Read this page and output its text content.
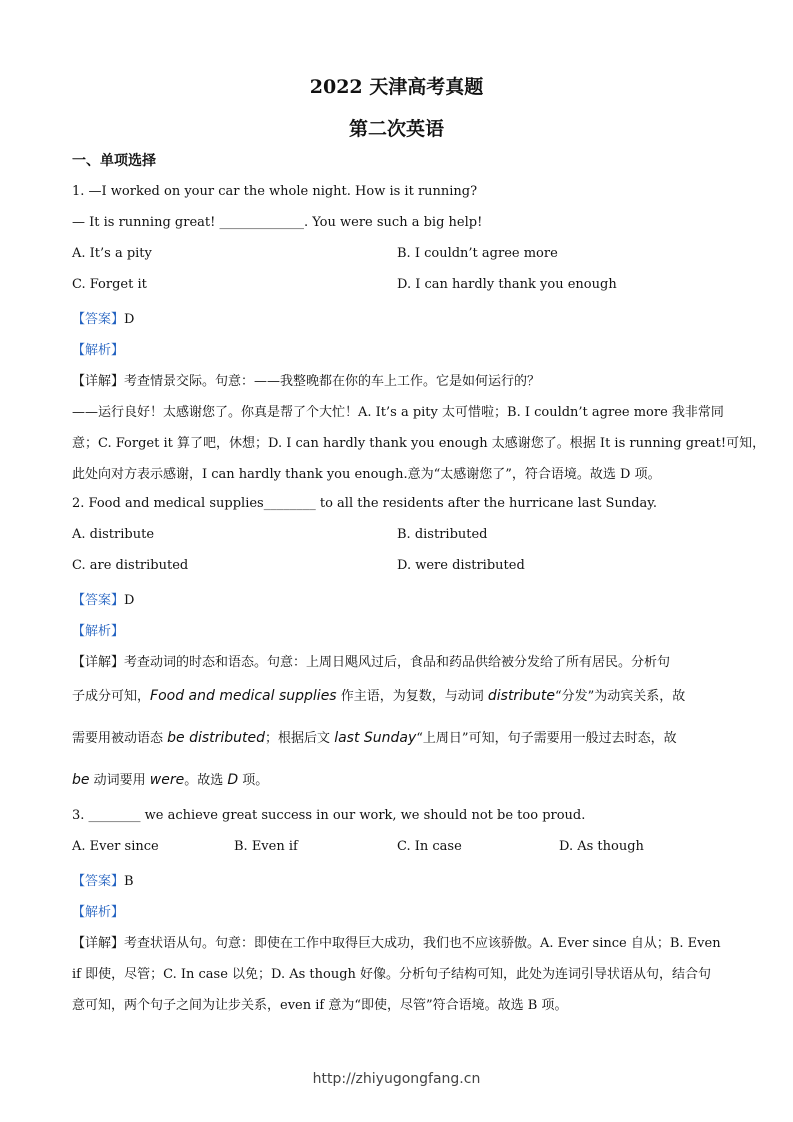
2022 天津高考真题
第二次英语
一、单项选择
1. —I worked on your car the whole night. How is it running?
— It is running great! _____________. You were such a big help!
A. It’s a pity	B. I couldn’t agree more
C. Forget it	D. I can hardly thank you enough
【答案】D
【解析】
【详解】考查情景交际。句意：——我整晚都在你的车上工作。它是如何运行的？
——运行良好！太感谢您了。你真是帮了个大忙！A. It’s a pity 太可惜啦；B. I couldn’t agree more 我非常同
意；C. Forget it 算了吧，休想；D. I can hardly thank you enough 太感谢您了。根据 It is running great!可知，
此处向对方表示感谢，I can hardly thank you enough.意为“太感谢您了”，符合语境。故选 D 项。
2. Food and medical supplies________ to all the residents after the hurricane last Sunday.
A. distribute	B. distributed
C. are distributed	D. were distributed
【答案】D
【解析】
【详解】考查动词的时态和语态。句意：上周日飓风过后，食品和药品供给被分发给了所有居民。分析句
子成分可知，Food and medical supplies 作主语，为复数，与动词 distribute“分发”为动宾关系，故
需要用被动语态 be distributed；根据后文 last Sunday“上周日”可知，句子需要用一般过去时态，故
be 动词要用 were。故选 D 项。
3. ________ we achieve great success in our work, we should not be too proud.
A. Ever since	B. Even if	C. In case	D. As though
【答案】B
【解析】
【详解】考查状语从句。句意：即使在工作中取得巨大成功，我们也不应该骄傲。A. Ever since 自从；B. Even
if 即使，尽管；C. In case 以免；D. As though 好像。分析句子结构可知，此处为连词引导状语从句，结合句
意可知，两个句子之间为让步关系，even if 意为“即使，尽管”符合语境。故选 B 项。
http://zhiyugongfang.cn
